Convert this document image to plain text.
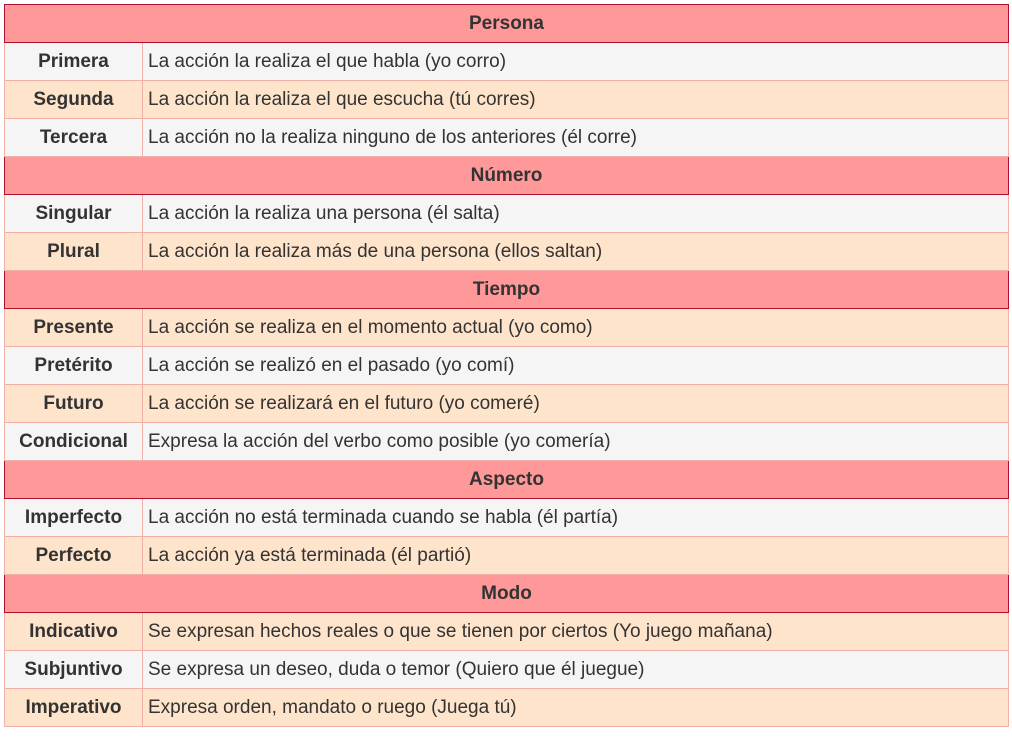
Persona	
Primera	La acción la realiza el que habla (yo corro)
Segunda	La acción la realiza el que escucha (tú corres)
Tercera	La acción no la realiza ninguno de los anteriores (él corre)
Número	
Singular	La acción la realiza una persona (él salta)
Plural	La acción la realiza más de una persona (ellos saltan)
Tiempo	
Presente	La acción se realiza en el momento actual (yo como)
Pretérito	La acción se realizó en el pasado (yo comí)
Futuro	La acción se realizará en el futuro (yo comeré)
Condicional	Expresa la acción del verbo como posible (yo comería)
Aspecto	
Imperfecto	La acción no está terminada cuando se habla (él partía)
Perfecto	La acción ya está terminada (él partió)
Modo	
Indicativo	Se expresan hechos reales o que se tienen por ciertos (Yo juego mañana)
Subjuntivo	Se expresa un deseo, duda o temor (Quiero que él juegue)
Imperativo	Expresa orden, mandato o ruego (Juega tú)
